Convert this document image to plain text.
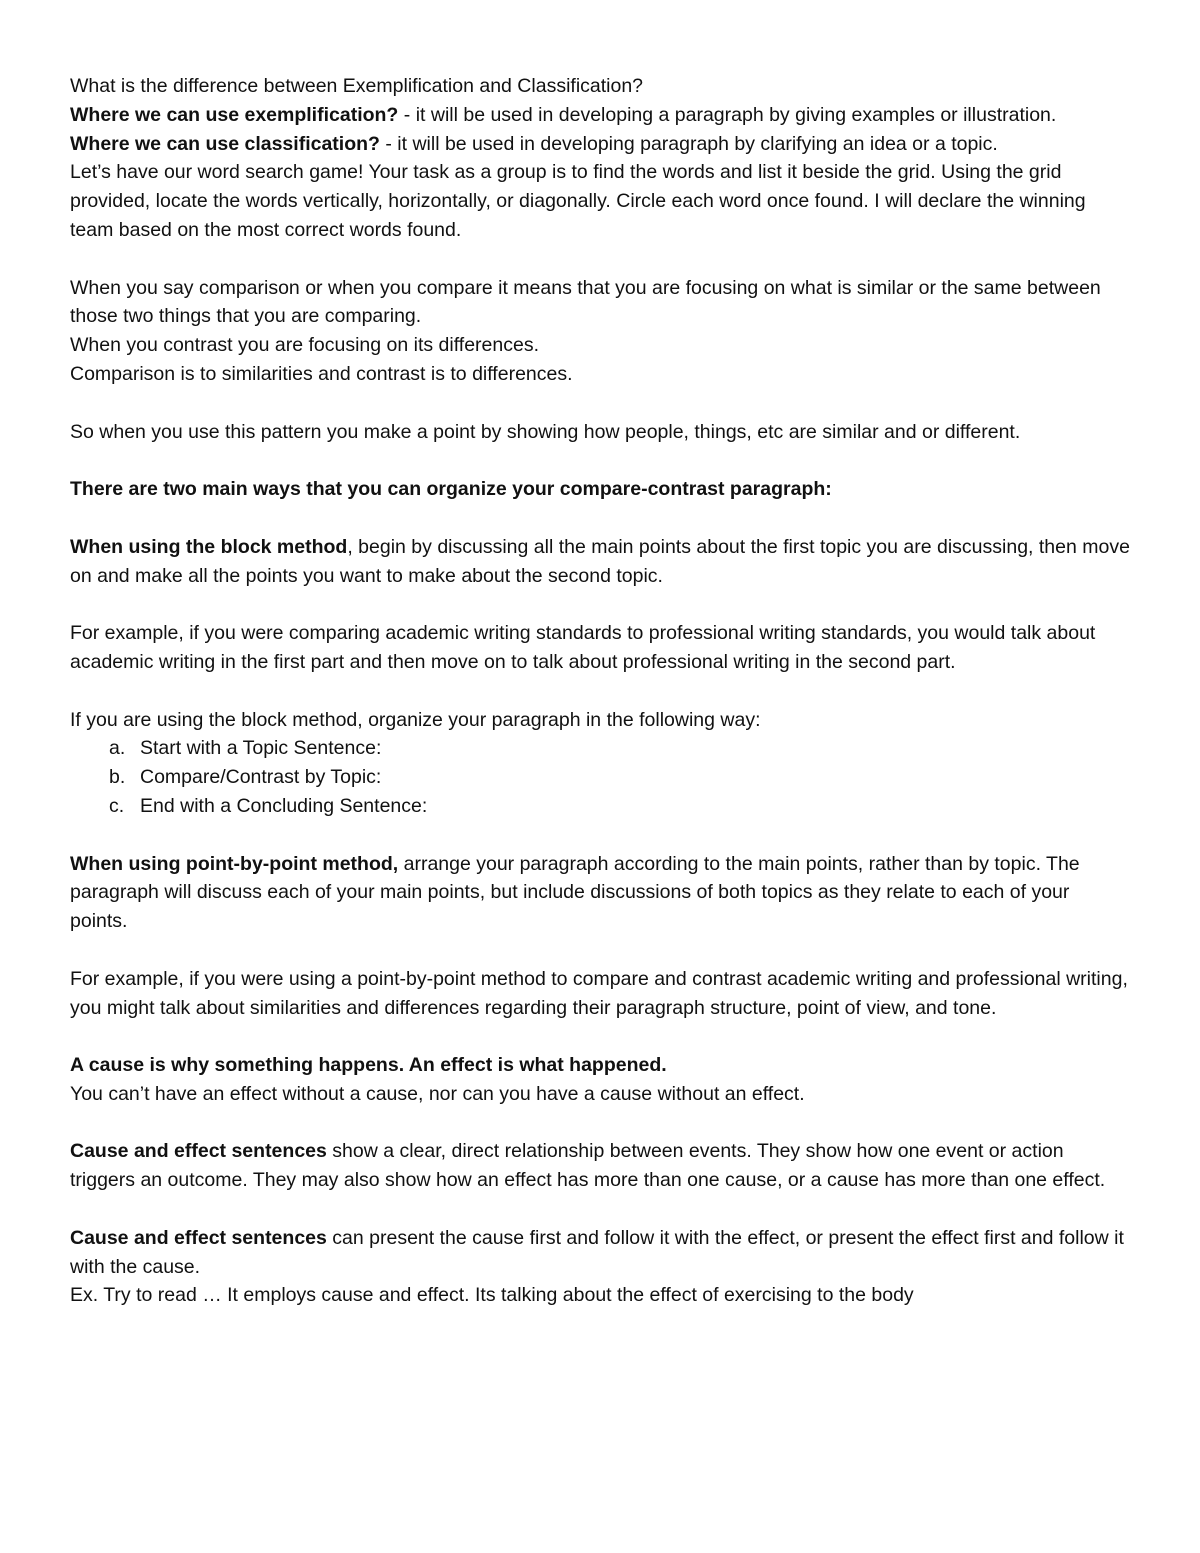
What is the difference between Exemplification and Classification?

Where we can use exemplification? - it will be used in developing a paragraph by giving examples or illustration.

Where we can use classification? - it will be used in developing paragraph by clarifying an idea or a topic.

Let’s have our word search game! Your task as a group is to find the words and list it beside the grid. Using the grid provided, locate the words vertically, horizontally, or diagonally. Circle each word once found. I will declare the winning team based on the most correct words found.

When you say comparison or when you compare it means that you are focusing on what is similar or the same between those two things that you are comparing.

When you contrast you are focusing on its differences.

Comparison is to similarities and contrast is to differences.

So when you use this pattern you make a point by showing how people, things, etc are similar and or different.

There are two main ways that you can organize your compare-contrast paragraph:

When using the block method, begin by discussing all the main points about the first topic you are discussing, then move on and make all the points you want to make about the second topic.

For example, if you were comparing academic writing standards to professional writing standards, you would talk about academic writing in the first part and then move on to talk about professional writing in the second part.

If you are using the block method, organize your paragraph in the following way:

a. Start with a Topic Sentence:
b. Compare/Contrast by Topic:
c. End with a Concluding Sentence:

When using point-by-point method, arrange your paragraph according to the main points, rather than by topic. The paragraph will discuss each of your main points, but include discussions of both topics as they relate to each of your points.

For example, if you were using a point-by-point method to compare and contrast academic writing and professional writing, you might talk about similarities and differences regarding their paragraph structure, point of view, and tone.

A cause is why something happens. An effect is what happened.

You can’t have an effect without a cause, nor can you have a cause without an effect.

Cause and effect sentences show a clear, direct relationship between events. They show how one event or action triggers an outcome. They may also show how an effect has more than one cause, or a cause has more than one effect.

Cause and effect sentences can present the cause first and follow it with the effect, or present the effect first and follow it with the cause.

Ex. Try to read … It employs cause and effect. Its talking about the effect of exercising to the body
